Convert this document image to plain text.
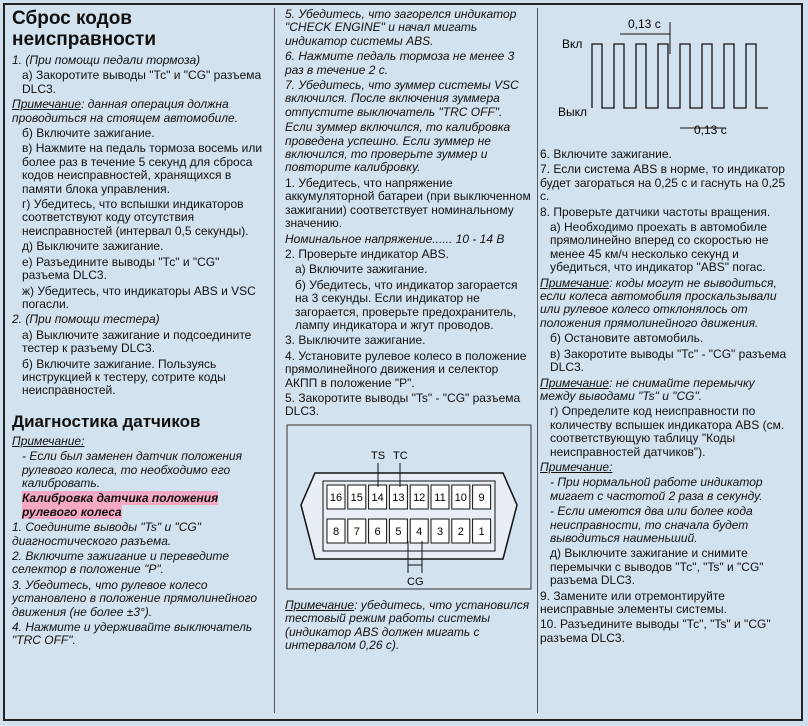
Сброс кодов
неисправности

1. (При помощи педали тормоза)

а) Закоротите выводы "Тс" и "CG" разъема DLC3.

Примечание: данная операция должна проводиться на стоящем автомобиле.

б) Включите зажигание.

в) Нажмите на педаль тормоза восемь или более раз в течение 5 секунд для сброса кодов неисправностей, хранящихся в памяти блока управления.

г) Убедитесь, что вспышки индикаторов соответствуют коду отсутствия неисправностей (интервал 0,5 секунды).

д) Выключите зажигание.

е) Разъедините выводы "Тс" и "CG" разъема DLC3.

ж) Убедитесь, что индикаторы ABS и VSC погасли.

2. (При помощи тестера)

а) Выключите зажигание и подсоедините тестер к разъему DLC3.

б) Включите зажигание. Пользуясь инструкцией к тестеру, сотрите коды неисправностей.

Диагностика датчиков

Примечание:

- Если был заменен датчик положения рулевого колеса, то необходимо его калибровать.

Калибровка датчика положения рулевого колеса

1. Соедините выводы "Ts" и "CG" диагностического разъема.

2. Включите зажигание и переведите селектор в положение "Р".

3. Убедитесь, что рулевое колесо установлено в положение прямолинейного движения (не более ±3°).

4. Нажмите и удерживайте выключатель "TRC OFF".

5. Убедитесь, что загорелся индикатор "CHECK ENGINE" и начал мигать индикатор системы ABS.

6. Нажмите педаль тормоза не менее 3 раз в течение 2 с.

7. Убедитесь, что зуммер системы VSC включился. После включения зуммера отпустите выключатель "TRC OFF".

Если зуммер включился, то калибровка проведена успешно. Если зуммер не включился, то проверьте зуммер и повторите калибровку.

1. Убедитесь, что напряжение аккумуляторной батареи (при выключенном зажигании) соответствует номинальному значению.

Номинальное напряжение...... 10 - 14 В

2. Проверьте индикатор ABS.

а) Включите зажигание.

б) Убедитесь, что индикатор загорается на 3 секунды. Если индикатор не загорается, проверьте предохранитель, лампу индикатора и жгут проводов.

3. Выключите зажигание.

4. Установите рулевое колесо в положение прямолинейного движения и селектор АКПП в положение "Р".

5. Закоротите выводы "Ts" - "CG" разъема DLC3.

16 15 14 13 12 11 10 9
8 7 6 5 4 3 2 1
TS TC
CG

Примечание: убедитесь, что установился тестовый режим работы системы (индикатор ABS должен мигать с интервалом 0,26 с).

Вкл
Выкл
0,13 с
0,13 с

6. Включите зажигание.

7. Если система ABS в норме, то индикатор будет загораться на 0,25 с и гаснуть на 0,25 с.

8. Проверьте датчики частоты вращения.

а) Необходимо проехать в автомобиле прямолинейно вперед со скоростью не менее 45 км/ч несколько секунд и убедиться, что индикатор "ABS" погас.

Примечание: коды могут не выводиться, если колеса автомобиля проскальзывали или рулевое колесо отклонялось от положения прямолинейного движения.

б) Остановите автомобиль.

в) Закоротите выводы "Тс" - "CG" разъема DLC3.

Примечание: не снимайте перемычку между выводами "Ts" и "CG".

г) Определите код неисправности по количеству вспышек индикатора ABS (см. соответствующую таблицу "Коды неисправностей датчиков").

Примечание:

- При нормальной работе индикатор мигает с частотой 2 раза в секунду.

- Если имеются два или более кода неисправности, то сначала будет выводиться наименьший.

д) Выключите зажигание и снимите перемычки с выводов "Тс", "Ts" и "CG" разъема DLC3.

9. Замените или отремонтируйте неисправные элементы системы.

10. Разъедините выводы "Тс", "Ts" и "CG" разъема DLC3.
